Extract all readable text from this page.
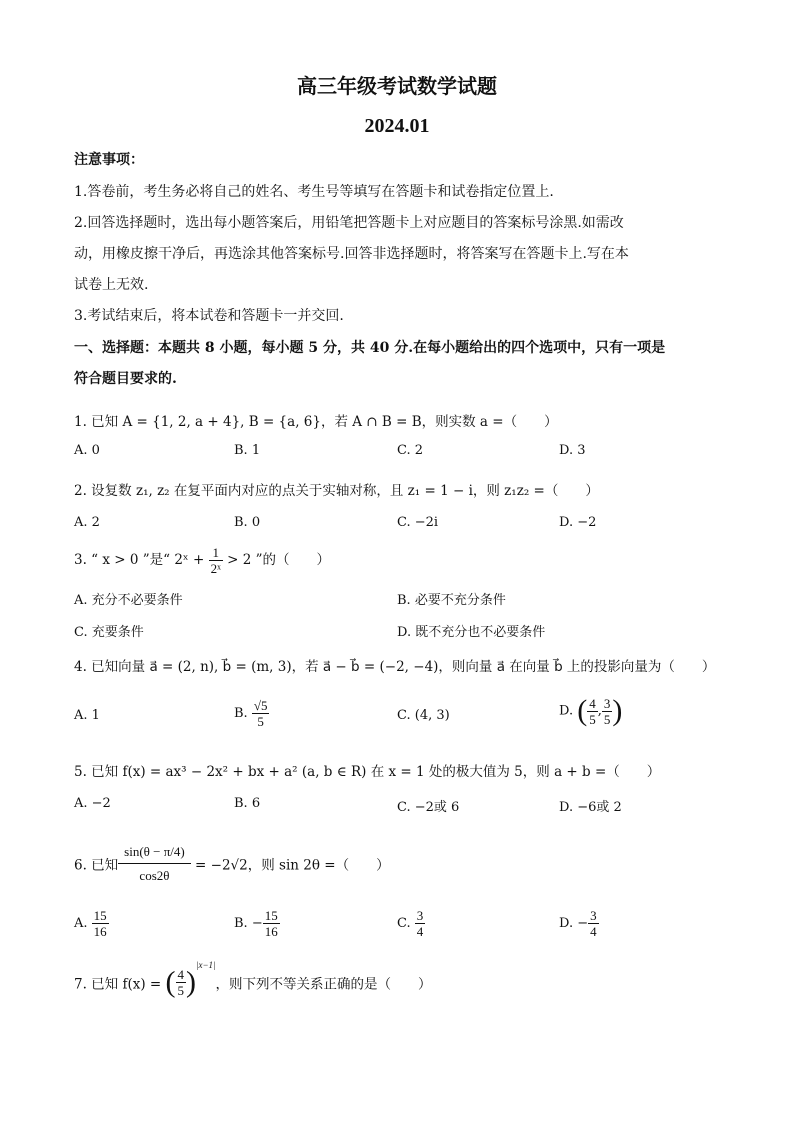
高三年级考试数学试题
2024.01
注意事项：
1.答卷前，考生务必将自己的姓名、考生号等填写在答题卡和试卷指定位置上.
2.回答选择题时，选出每小题答案后，用铅笔把答题卡上对应题目的答案标号涂黑.如需改
动，用橡皮擦干净后，再选涂其他答案标号.回答非选择题时，将答案写在答题卡上.写在本
试卷上无效.
3.考试结束后，将本试卷和答题卡一并交回.
一、选择题：本题共 8 小题，每小题 5 分，共 40 分.在每小题给出的四个选项中，只有一项是
符合题目要求的.
1. 已知 A = {1, 2, a + 4}, B = {a, 6}，若 A ∩ B = B，则实数 a =（　　）
A. 0	B. 1	C. 2	D. 3
2. 设复数 z₁, z₂ 在复平面内对应的点关于实轴对称，且 z₁ = 1 − i，则 z₁z₂ =（　　）
A. 2	B. 0	C. −2i	D. −2
3. “ x > 0 ”是“ 2ˣ + $\frac{1}{\text{2ˣ}} > 2$ ”的（　　）
A. 充分不必要条件	B. 必要不充分条件
C. 充要条件	D. 既不充分也不必要条件
4. 已知向量 a⃗ = (2, n), b⃗ = (m, 3)，若 a⃗ − b⃗ = (−2, −4)，则向量 a⃗ 在向量 b⃗ 上的投影向量为（　　）
A. 1	B. $\frac{√5}{5}$	C. (4, 3)	D. ( $\frac{4}{5}$ , $\frac{3}{5}$ )
5. 已知 f(x) = ax³ − 2x² + bx + a² (a, b ∈ R) 在 x = 1 处的极大值为 5，则 a + b =（　　）
A. −2	B. 6	C. −2或 6	D. −6或 2
6. 已知 $\frac{\sin(\theta - \pi/4)}{\cos 2\theta} = -2√2$，则 sin 2θ =（　　）
A. $\frac{15}{16}$	B. − $\frac{15}{16}$	C. $\frac{3}{4}$	D. − $\frac{3}{4}$
7. 已知 f(x) = ( $\frac{4}{5} )^{|x-1|}$，则下列不等关系正确的是（　　）
